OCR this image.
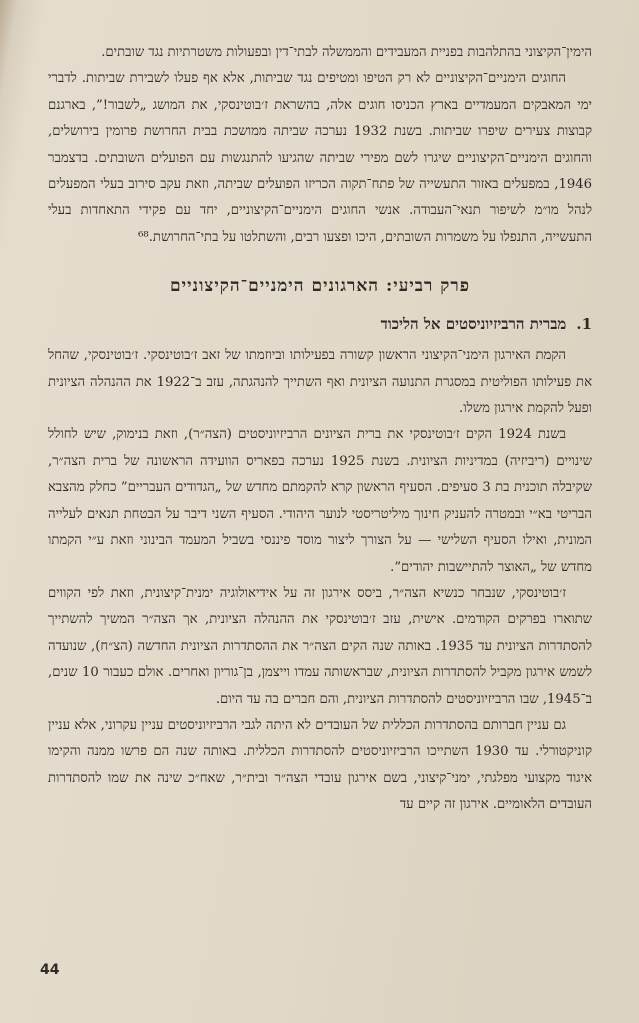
הימין־הקיצוני בהתלהבות בפניית המעבידים והממשלה לבתי־דין ובפעולות משטרתיות נגד שובתים.

החוגים הימניים־הקיצוניים לא רק הטיפו ומטיפים נגד שביתות, אלא אף פעלו לשבירת שביתות. לדברי ימי המאבקים המעמדיים בארץ הכניסו חוגים אלה, בהשראת ז׳בוטינסקי, את המושג „לשבור!”, בארגנם קבוצות צעירים שיפרו שביתות. בשנת 1932 נערכה שביתה ממושכת בבית החרושת פרומין בירושלים, והחוגים הימניים־הקיצוניים שיגרו לשם מפירי שביתה שהגיעו להתנגשות עם הפועלים השובתים. בדצמבר 1946, במפעלים באזור התעשייה של פתח־תקוה הכריזו הפועלים שביתה, וזאת עקב סירוב בעלי המפעלים לנהל מו״מ לשיפור תנאי־העבודה. אנשי החוגים הימניים־הקיצוניים, יחד עם פקידי התאחדות בעלי התעשייה, התנפלו על משמרות השובתים, היכו ופצעו רבים, והשתלטו על בתי־החרושת.⁶⁸

פרק רביעי: הארגונים הימניים־הקיצוניים
1.
מברית הרביזיוניסטים אל הליכוד

הקמת האירגון הימני־הקיצוני הראשון קשורה בפעילותו וביוזמתו של זאב ז׳בוטינסקי. ז׳בוטינסקי, שהחל את פעילותו הפוליטית במסגרת התנועה הציונית ואף השתייך להנהגתה, עזב ב־1922 את ההנהלה הציונית ופעל להקמת אירגון משלו.

בשנת 1924 הקים ז׳בוטינסקי את ברית הציונים הרביזיוניסטים (הצה״ר), וזאת בנימוק, שיש לחולל שינויים (ריביזיה) במדיניות הציונית. בשנת 1925 נערכה בפאריס הוועידה הראשונה של ברית הצה״ר, שקיבלה תוכנית בת 3 סעיפים. הסעיף הראשון קרא להקמתם מחדש של „הגדודים העבריים” כחלק מהצבא הבריטי בא״י ובמטרה להעניק חינוך מיליטריסטי לנוער היהודי. הסעיף השני דיבר על הבטחת תנאים לעלייה המונית, ואילו הסעיף השלישי — על הצורך ליצור מוסד פיננסי בשביל המעמד הבינוני וזאת ע״י הקמתו מחדש של „האוצר להתיישבות יהודים”.

ז׳בוטינסקי, שנבחר כנשיא הצה״ר, ביסס אירגון זה על אידיאולוגיה ימנית־קיצונית, וזאת לפי הקווים שתוארו בפרקים הקודמים. אישית, עזב ז׳בוטינסקי את ההנהלה הציונית, אך הצה״ר המשיך להשתייך להסתדרות הציונית עד 1935. באותה שנה הקים הצה״ר את ההסתדרות הציונית החדשה (הצ״ח), שנועדה לשמש אירגון מקביל להסתדרות הציונית, שבראשותה עמדו וייצמן, בן־גוריון ואחרים. אולם כעבור 10 שנים, ב־1945, שבו הרביזיוניסטים להסתדרות הציונית, והם חברים בה עד היום.

גם עניין חברותם בהסתדרות הכללית של העובדים לא היתה לגבי הרביזיוניסטים עניין עקרוני, אלא עניין קוניקטורלי. עד 1930 השתייכו הרביזיוניסטים להסתדרות הכללית. באותה שנה הם פרשו ממנה והקימו איגוד מקצועי מפלגתי, ימני־קיצוני, בשם אירגון עובדי הצה״ר ובית״ר, שאח״כ שינה את שמו להסתדרות העובדים הלאומיים. אירגון זה קיים עד

44
